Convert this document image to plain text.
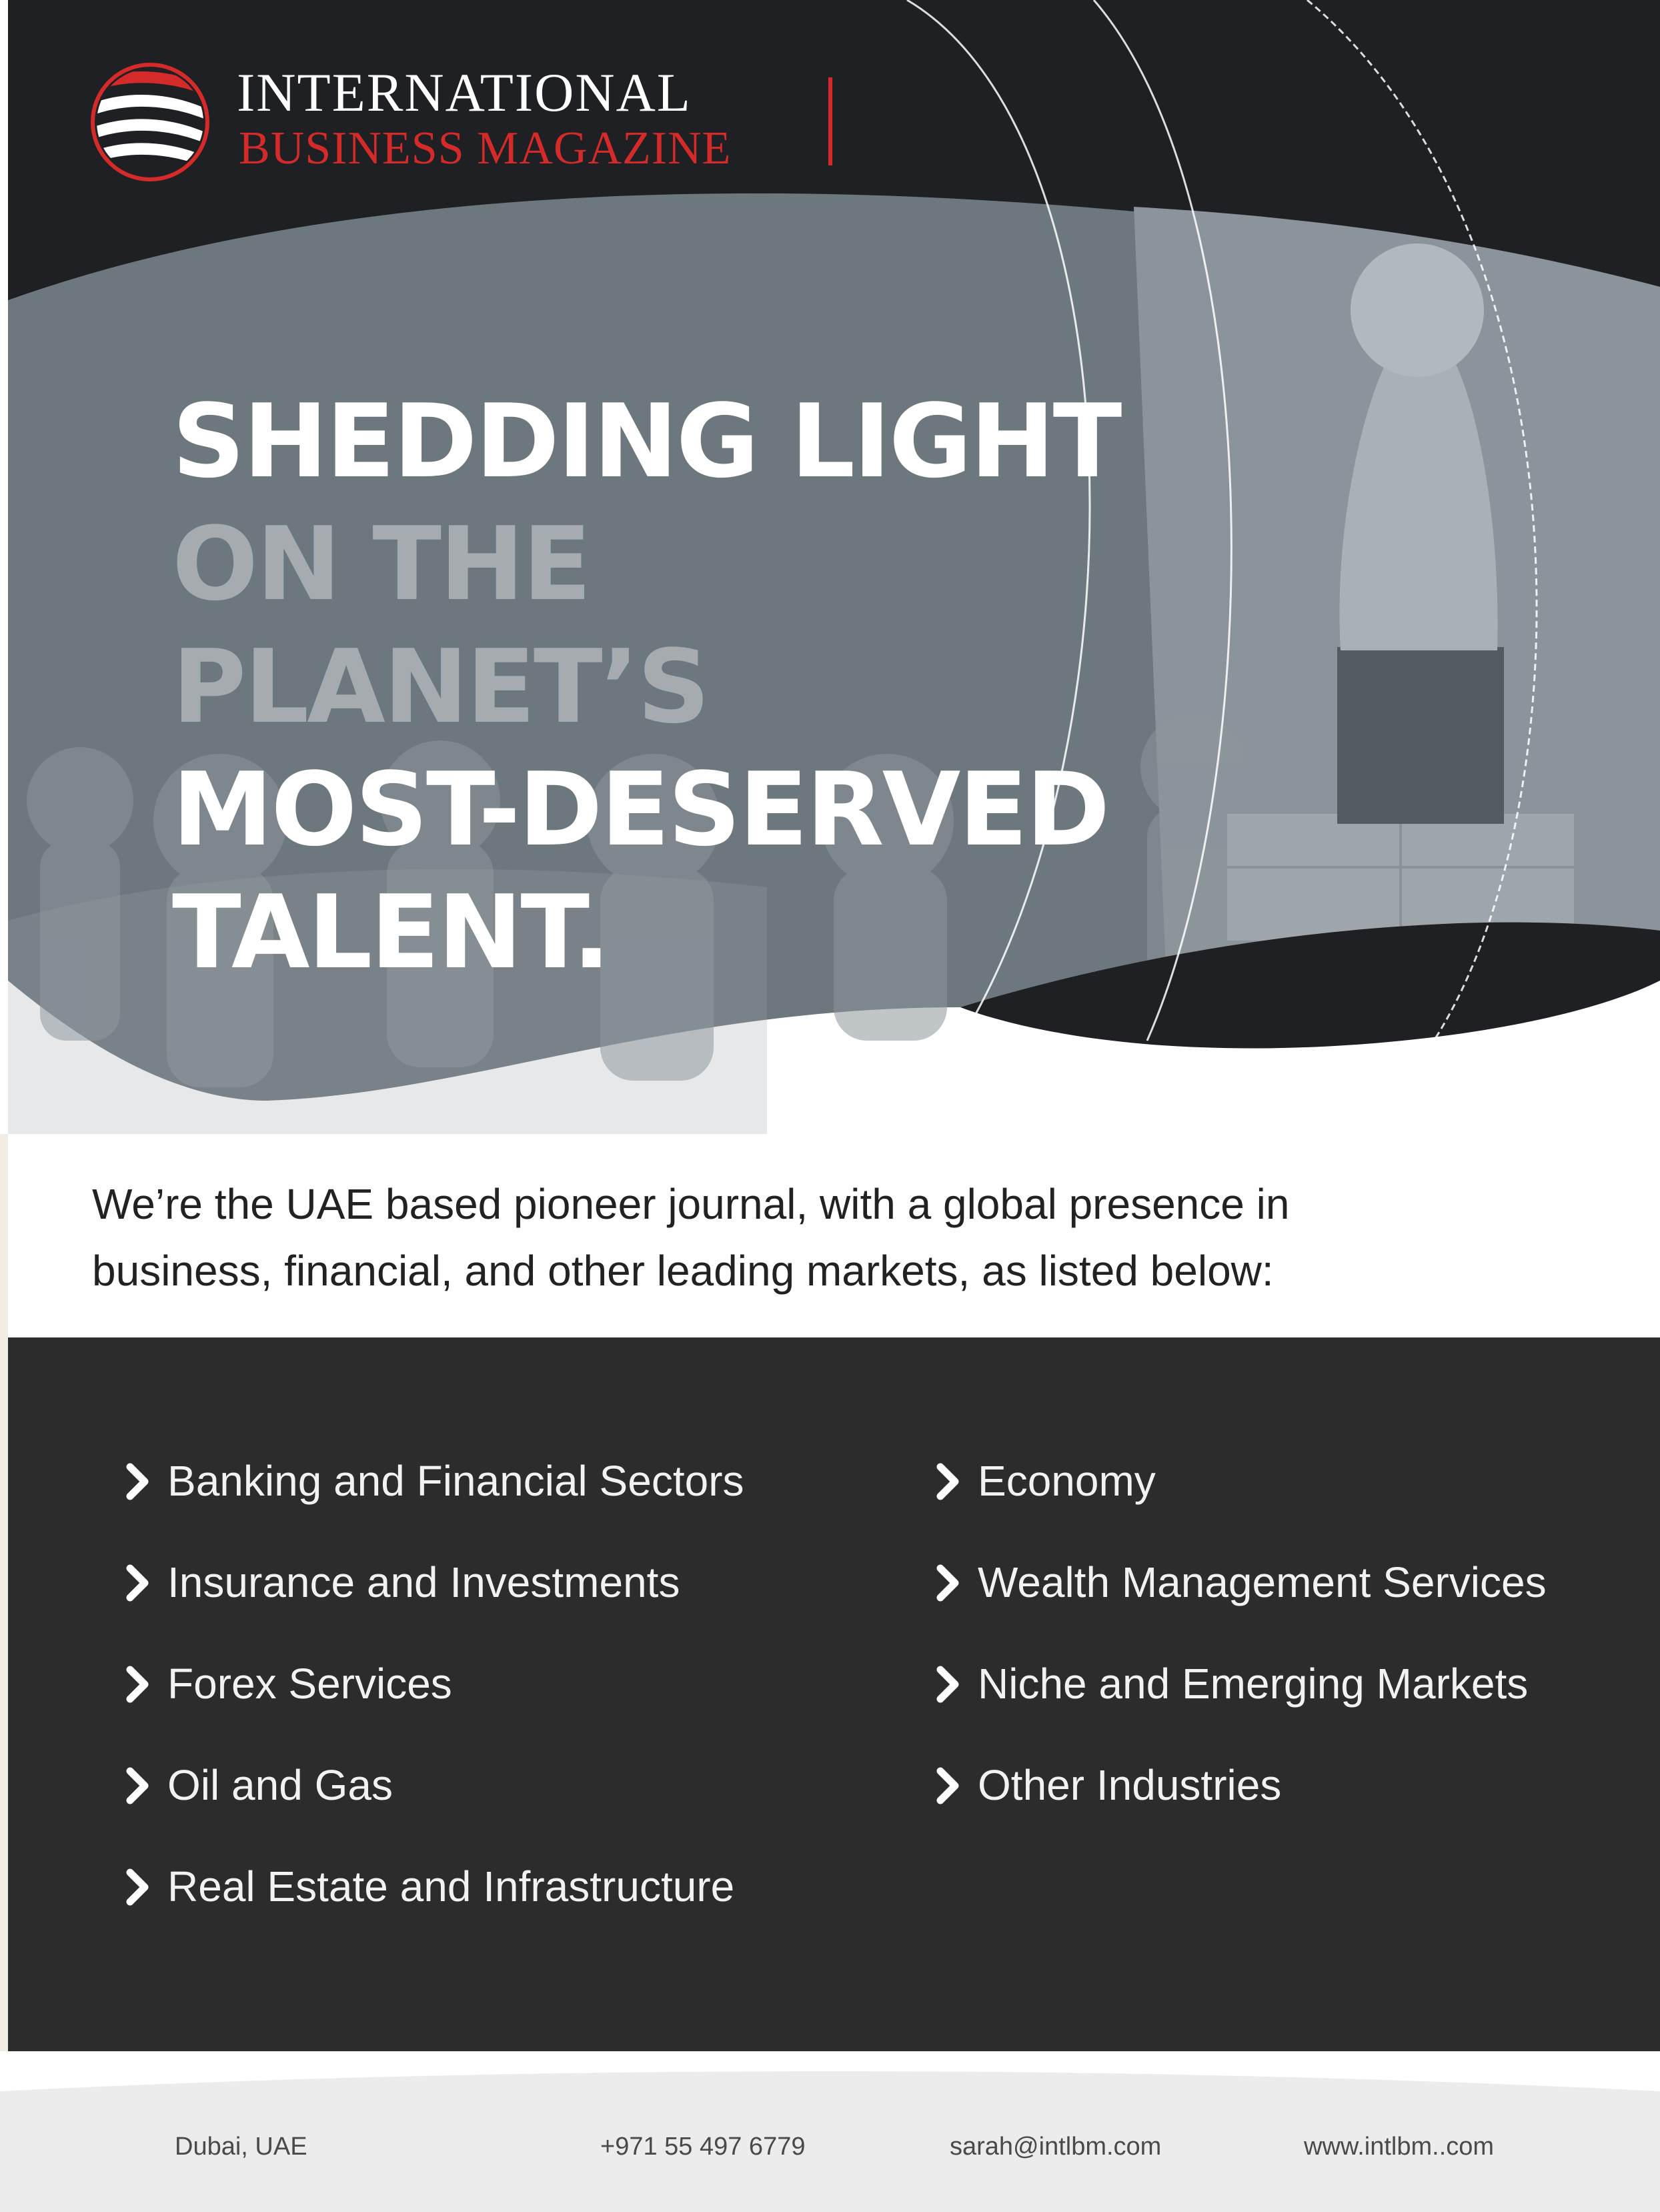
INTERNATIONAL
BUSINESS MAGAZINE
SHEDDING LIGHT
ON THE
PLANET’S
MOST-DESERVED
TALENT.

We’re the UAE based pioneer journal, with a global presence in
business, financial, and other leading markets, as listed below:

Banking and Financial Sectors
Insurance and Investments
Forex Services
Oil and Gas
Real Estate and Infrastructure
Economy
Wealth Management Services
Niche and Emerging Markets
Other Industries
Dubai, UAE	+971 55 497 6779	sarah@intlbm.com	www.intlbm..com
